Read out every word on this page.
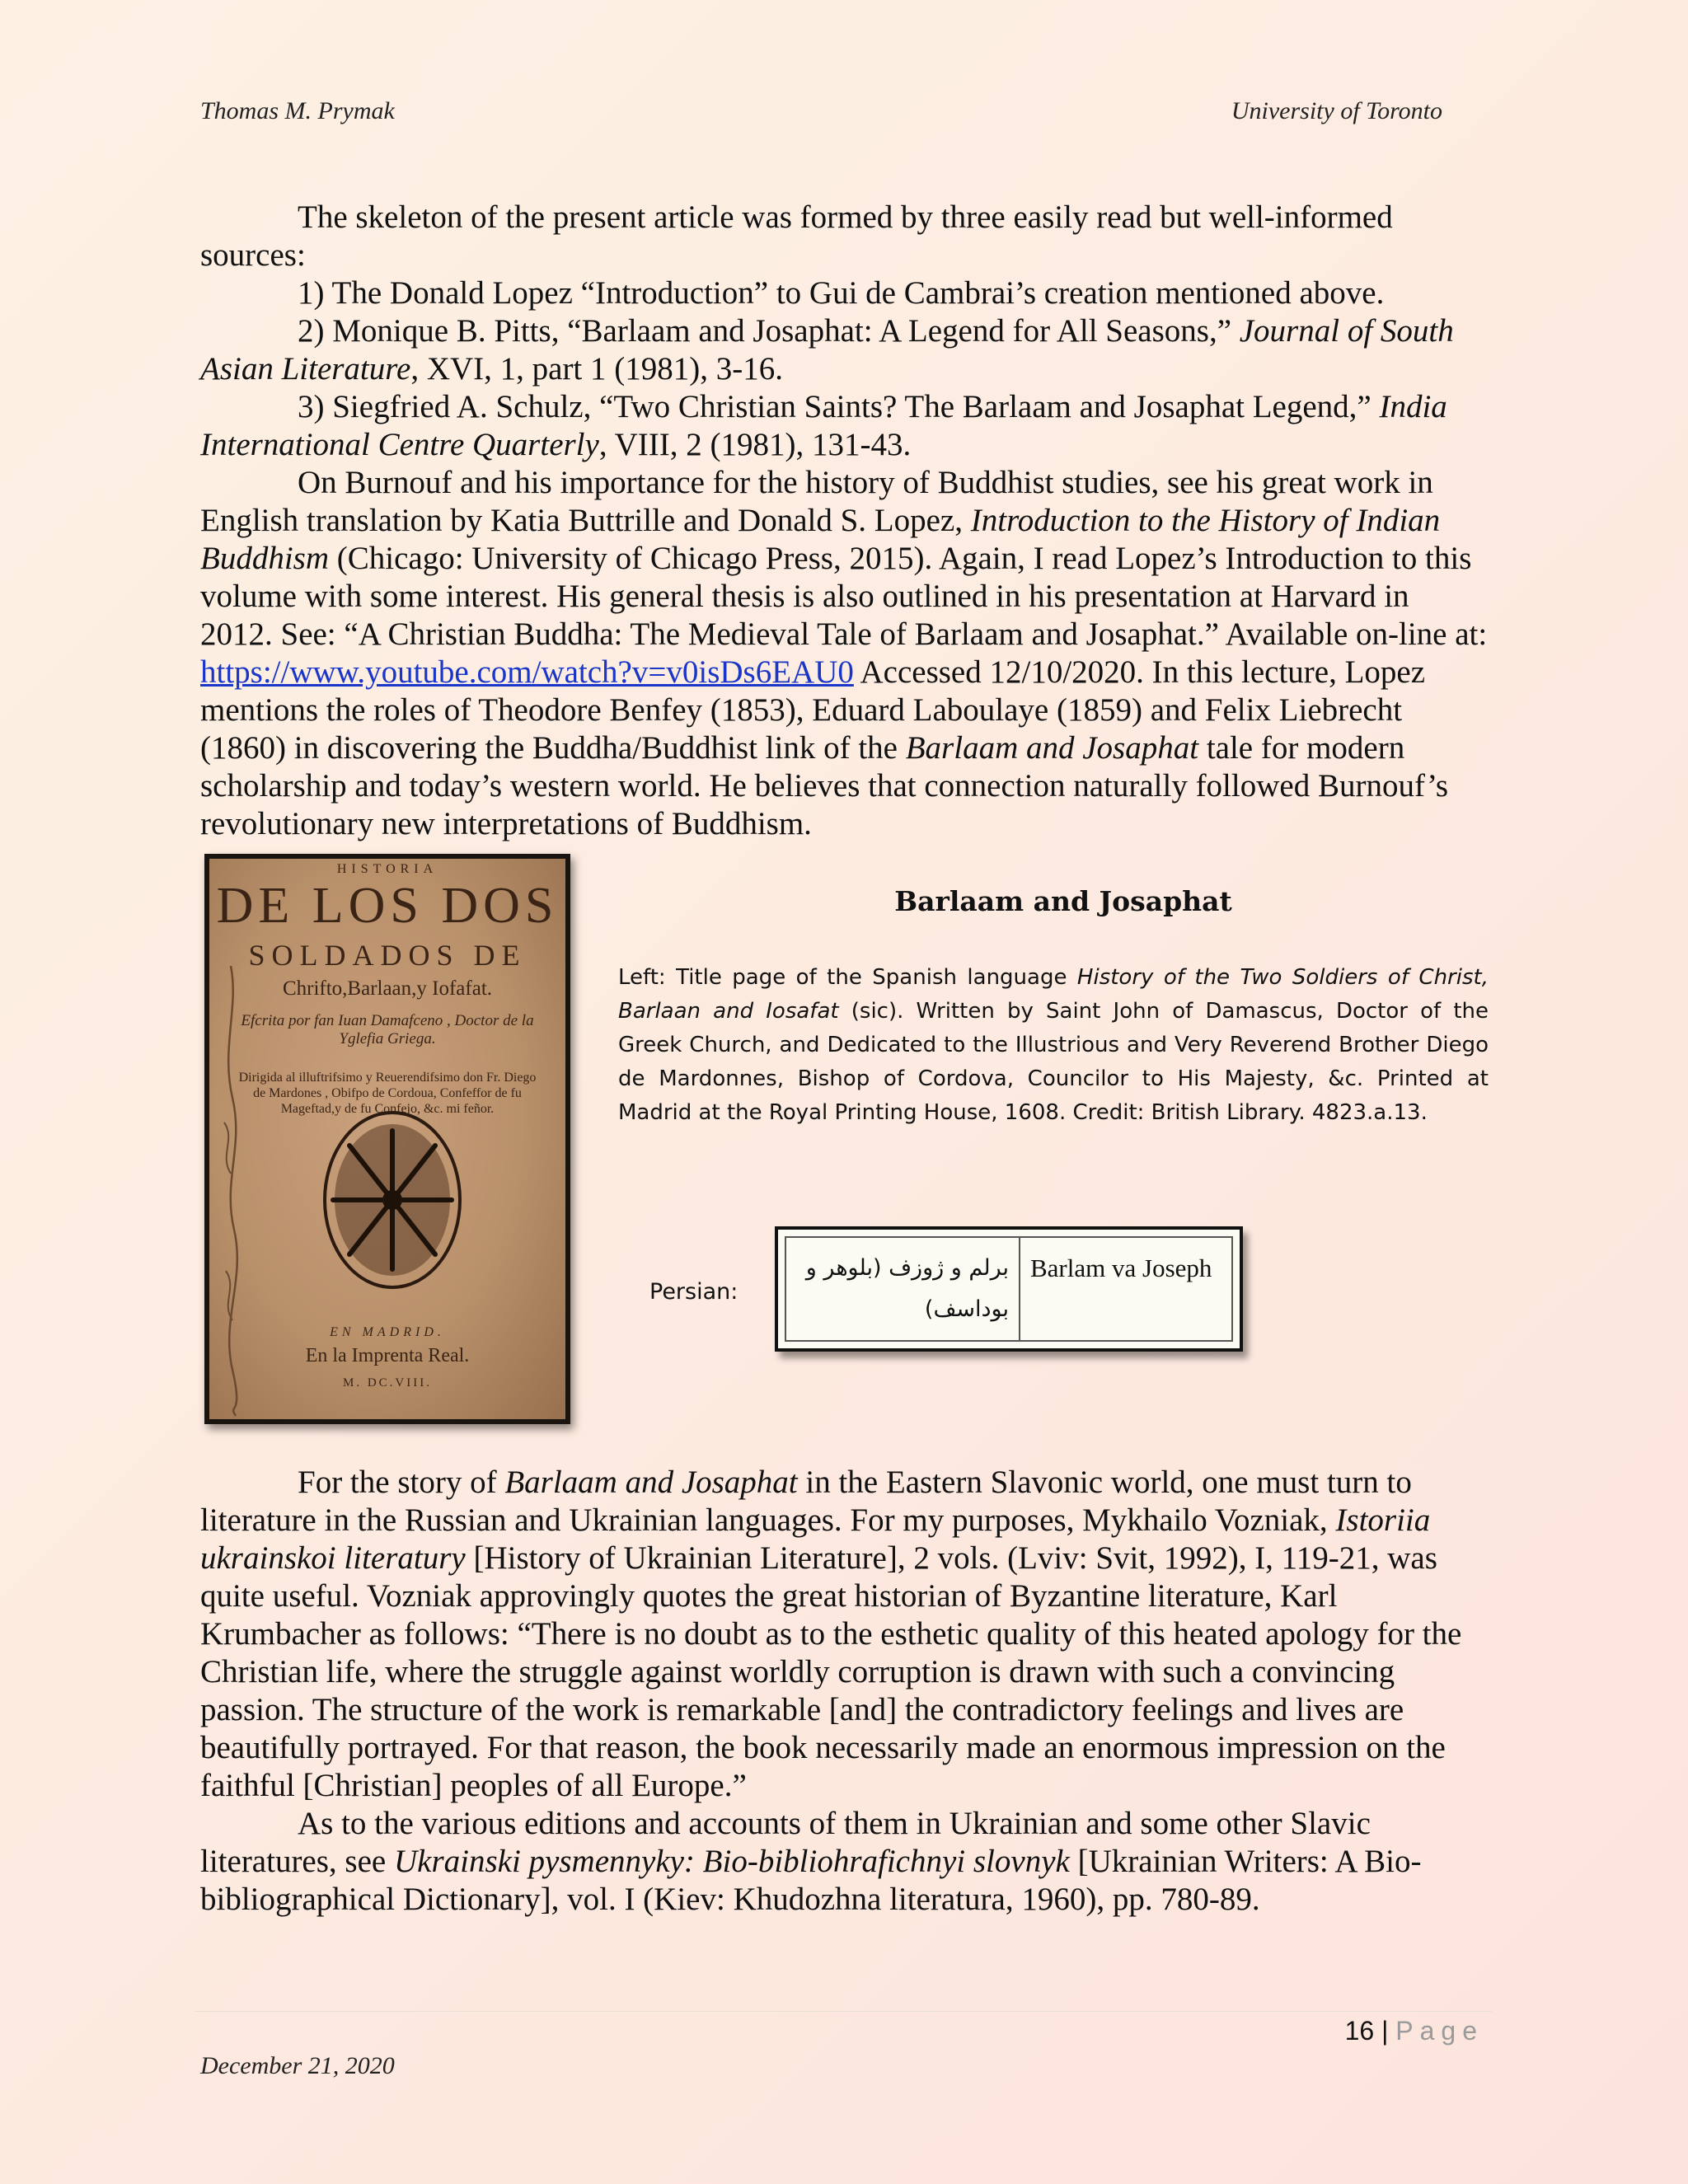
Thomas M. Prymak	University of Toronto

The skeleton of the present article was formed by three easily read but well-informed sources:

1) The Donald Lopez “Introduction” to Gui de Cambrai’s creation mentioned above.

2) Monique B. Pitts, “Barlaam and Josaphat: A Legend for All Seasons,” Journal of South Asian Literature, XVI, 1, part 1 (1981), 3-16.

3) Siegfried A. Schulz, “Two Christian Saints? The Barlaam and Josaphat Legend,” India International Centre Quarterly, VIII, 2 (1981), 131-43.

On Burnouf and his importance for the history of Buddhist studies, see his great work in English translation by Katia Buttrille and Donald S. Lopez, Introduction to the History of Indian Buddhism (Chicago: University of Chicago Press, 2015). Again, I read Lopez’s Introduction to this volume with some interest. His general thesis is also outlined in his presentation at Harvard in 2012. See: “A Christian Buddha: The Medieval Tale of Barlaam and Josaphat.” Available on-line at: https://www.youtube.com/watch?v=v0isDs6EAU0 Accessed 12/10/2020. In this lecture, Lopez mentions the roles of Theodore Benfey (1853), Eduard Laboulaye (1859) and Felix Liebrecht (1860) in discovering the Buddha/Buddhist link of the Barlaam and Josaphat tale for modern scholarship and today’s western world. He believes that connection naturally followed Burnouf’s revolutionary new interpretations of Buddhism.

HISTORIA
DE LOS DOS
SOLDADOS DE
Chrifto,Barlaan,y Iofafat.
Efcrita por fan Iuan Damafceno , Doctor de la Yglefia Griega.
Dirigida al illuftrifsimo y Reuerendifsimo don Fr. Diego de Mardones , Obifpo de Cordoua, Confeffor de fu Mageftad,y de fu Confejo, &c. mi feñor.
EN MADRID.
En la Imprenta Real.
M. DC.VIII.
Barlaam and Josaphat
Left: Title page of the Spanish language History of the Two Soldiers of Christ, Barlaan and Iosafat (sic). Written by Saint John of Damascus, Doctor of the Greek Church, and Dedicated to the Illustrious and Very Reverend Brother Diego de Mardonnes, Bishop of Cordova, Councilor to His Majesty, &c. Printed at Madrid at the Royal Printing House, 1608. Credit: British Library. 4823.a.13.
Persian:
برلم و ژوزف (بلوهر و بوداسف)
Barlam va Joseph

For the story of Barlaam and Josaphat in the Eastern Slavonic world, one must turn to literature in the Russian and Ukrainian languages. For my purposes, Mykhailo Vozniak, Istoriia ukrainskoi literatury [History of Ukrainian Literature], 2 vols. (Lviv: Svit, 1992), I, 119-21, was quite useful. Vozniak approvingly quotes the great historian of Byzantine literature, Karl Krumbacher as follows: “There is no doubt as to the esthetic quality of this heated apology for the Christian life, where the struggle against worldly corruption is drawn with such a convincing passion. The structure of the work is remarkable [and] the contradictory feelings and lives are beautifully portrayed. For that reason, the book necessarily made an enormous impression on the faithful [Christian] peoples of all Europe.”

As to the various editions and accounts of them in Ukrainian and some other Slavic literatures, see Ukrainski pysmennyky: Bio-bibliohrafichnyi slovnyk [Ukrainian Writers: A Bio-bibliographical Dictionary], vol. I (Kiev: Khudozhna literatura, 1960), pp. 780-89.

16 | Page
December 21, 2020
